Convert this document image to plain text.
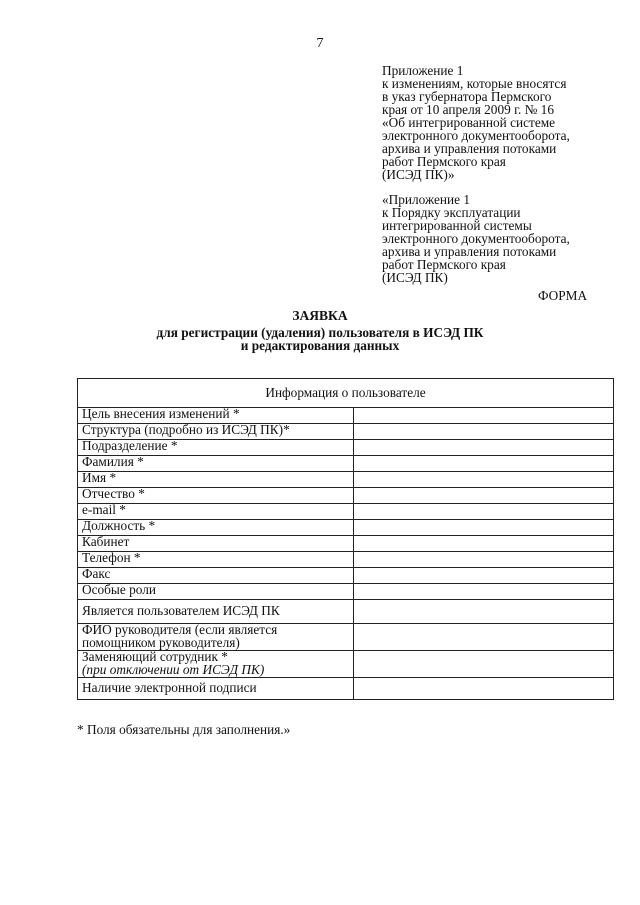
7
Приложение 1
к изменениям, которые вносятся
в указ губернатора Пермского
края от 10 апреля 2009 г. № 16
«Об интегрированной системе
электронного документооборота,
архива и управления потоками
работ Пермского края
(ИСЭД ПК)»
«Приложение 1
к Порядку эксплуатации
интегрированной системы
электронного документооборота,
архива и управления потоками
работ Пермского края
(ИСЭД ПК)
ФОРМА
ЗАЯВКА
для регистрации (удаления) пользователя в ИСЭД ПК
и редактирования данных
Информация о пользователе	
Цель внесения изменений *	
Структура (подробно из ИСЭД ПК)*	
Подразделение *	
Фамилия *	
Имя *	
Отчество *	
e-mail *	
Должность *	
Кабинет	
Телефон *	
Факс	
Особые роли	
Является пользователем ИСЭД ПК	
ФИО руководителя (если является помощником руководителя)	

Заменяющий сотрудник *
(при отключении от ИСЭД ПК)	

Наличие электронной подписи	
* Поля обязательны для заполнения.»
